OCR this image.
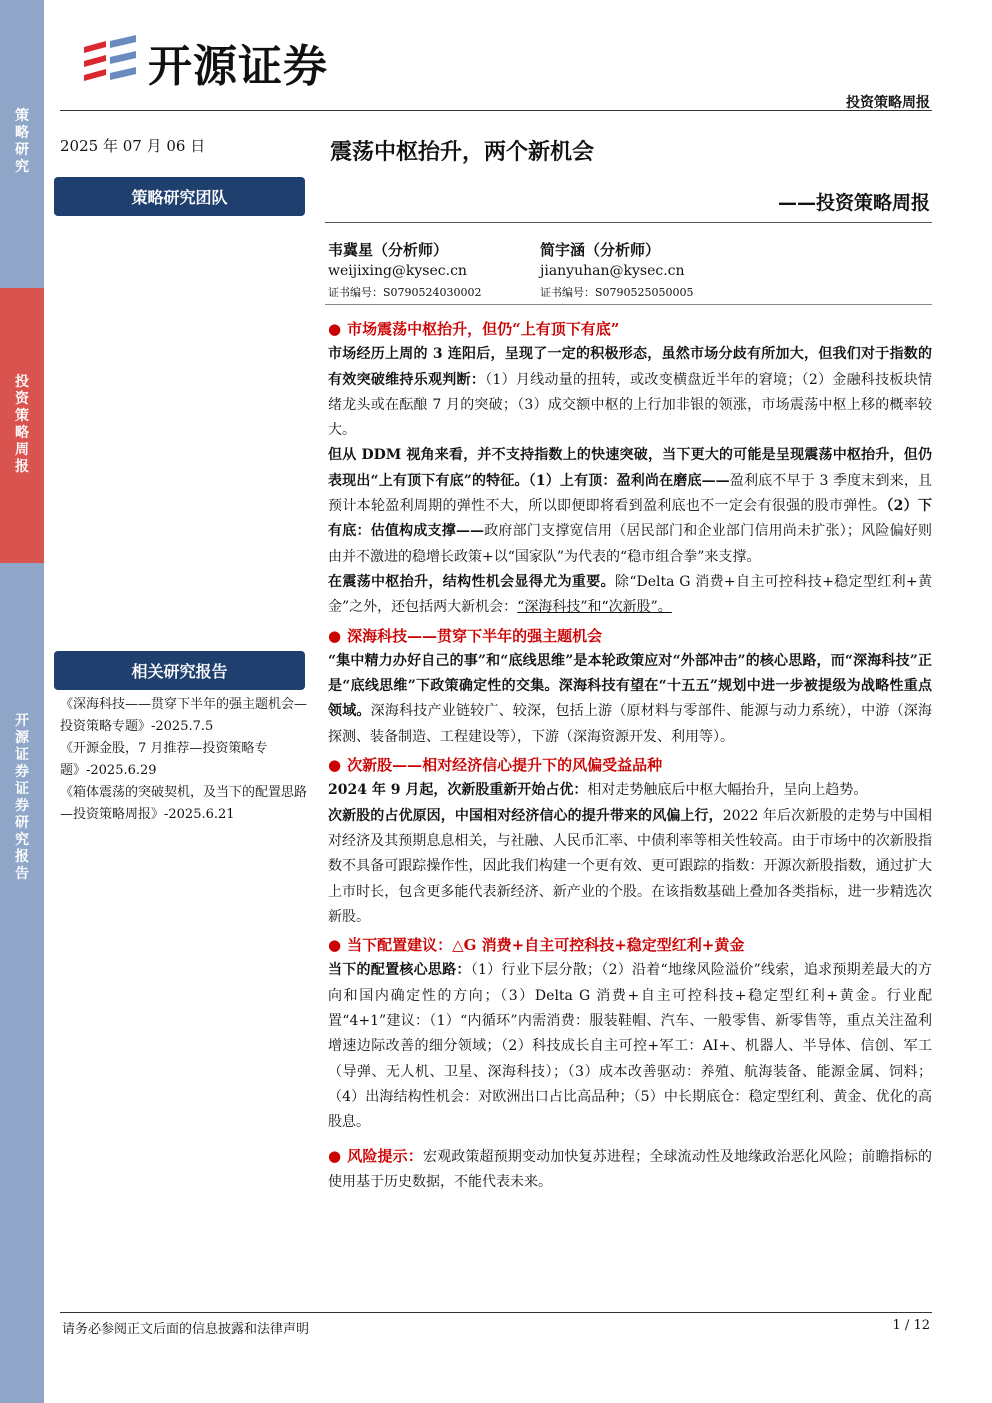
策略研究
投资策略周报
开源证券 证券研究报告
开源证券
投资策略周报
2025 年 07 月 06 日
策略研究团队
相关研究报告
震荡中枢抬升，两个新机会
——投资策略周报
韦冀星（分析师）
weijixing@kysec.cn
证书编号：S0790524030002
简宇涵（分析师）
jianyuhan@kysec.cn
证书编号：S0790525050005
《深海科技——贯穿下半年的强主题机会—投资策略专题》-2025.7.5
《开源金股，7 月推荐—投资策略专题》-2025.6.29
《箱体震荡的突破契机，及当下的配置思路—投资策略周报》-2025.6.21
● 市场震荡中枢抬升，但仍“上有顶下有底”

市场经历上周的 3 连阳后，呈现了一定的积极形态，虽然市场分歧有所加大，但我们对于指数的有效突破维持乐观判断：（1）月线动量的扭转，或改变横盘近半年的窘境；（2）金融科技板块情绪龙头或在酝酿 7 月的突破；（3）成交额中枢的上行加非银的领涨，市场震荡中枢上移的概率较大。

但从 DDM 视角来看，并不支持指数上的快速突破，当下更大的可能是呈现震荡中枢抬升，但仍表现出“上有顶下有底”的特征。（1）上有顶：盈利尚在磨底——盈利底不早于 3 季度末到来，且预计本轮盈利周期的弹性不大，所以即便即将看到盈利底也不一定会有很强的股市弹性。（2）下有底：估值构成支撑——政府部门支撑宽信用（居民部门和企业部门信用尚未扩张）；风险偏好则由并不激进的稳增长政策+以“国家队”为代表的“稳市组合拳”来支撑。

在震荡中枢抬升，结构性机会显得尤为重要。除“Delta G 消费+自主可控科技+稳定型红利+黄金”之外，还包括两大新机会：“深海科技”和“次新股”。

● 深海科技——贯穿下半年的强主题机会

“集中精力办好自己的事”和“底线思维”是本轮政策应对“外部冲击”的核心思路，而“深海科技”正是“底线思维”下政策确定性的交集。深海科技有望在“十五五”规划中进一步被提级为战略性重点领域。深海科技产业链较广、较深，包括上游（原材料与零部件、能源与动力系统），中游（深海探测、装备制造、工程建设等），下游（深海资源开发、利用等）。

● 次新股——相对经济信心提升下的风偏受益品种

2024 年 9 月起，次新股重新开始占优：相对走势触底后中枢大幅抬升，呈向上趋势。

次新股的占优原因，中国相对经济信心的提升带来的风偏上行，2022 年后次新股的走势与中国相对经济及其预期息息相关，与社融、人民币汇率、中债利率等相关性较高。由于市场中的次新股指数不具备可跟踪操作性，因此我们构建一个更有效、更可跟踪的指数：开源次新股指数，通过扩大上市时长，包含更多能代表新经济、新产业的个股。在该指数基础上叠加各类指标，进一步精选次新股。

● 当下配置建议：△G 消费+自主可控科技+稳定型红利+黄金

当下的配置核心思路：（1）行业下层分散；（2）沿着“地缘风险溢价”线索，追求预期差最大的方向和国内确定性的方向；（3）Delta G 消费+自主可控科技+稳定型红利+黄金。行业配置“4+1”建议：（1）“内循环”内需消费：服装鞋帽、汽车、一般零售、新零售等，重点关注盈利增速边际改善的细分领域；（2）科技成长自主可控+军工：AI+、机器人、半导体、信创、军工（导弹、无人机、卫星、深海科技）；（3）成本改善驱动：养殖、航海装备、能源金属、饲料；（4）出海结构性机会：对欧洲出口占比高品种；（5）中长期底仓：稳定型红利、黄金、优化的高股息。

● 风险提示：宏观政策超预期变动加快复苏进程；全球流动性及地缘政治恶化风险；前瞻指标的使用基于历史数据，不能代表未来。

请务必参阅正文后面的信息披露和法律声明	1 / 12
